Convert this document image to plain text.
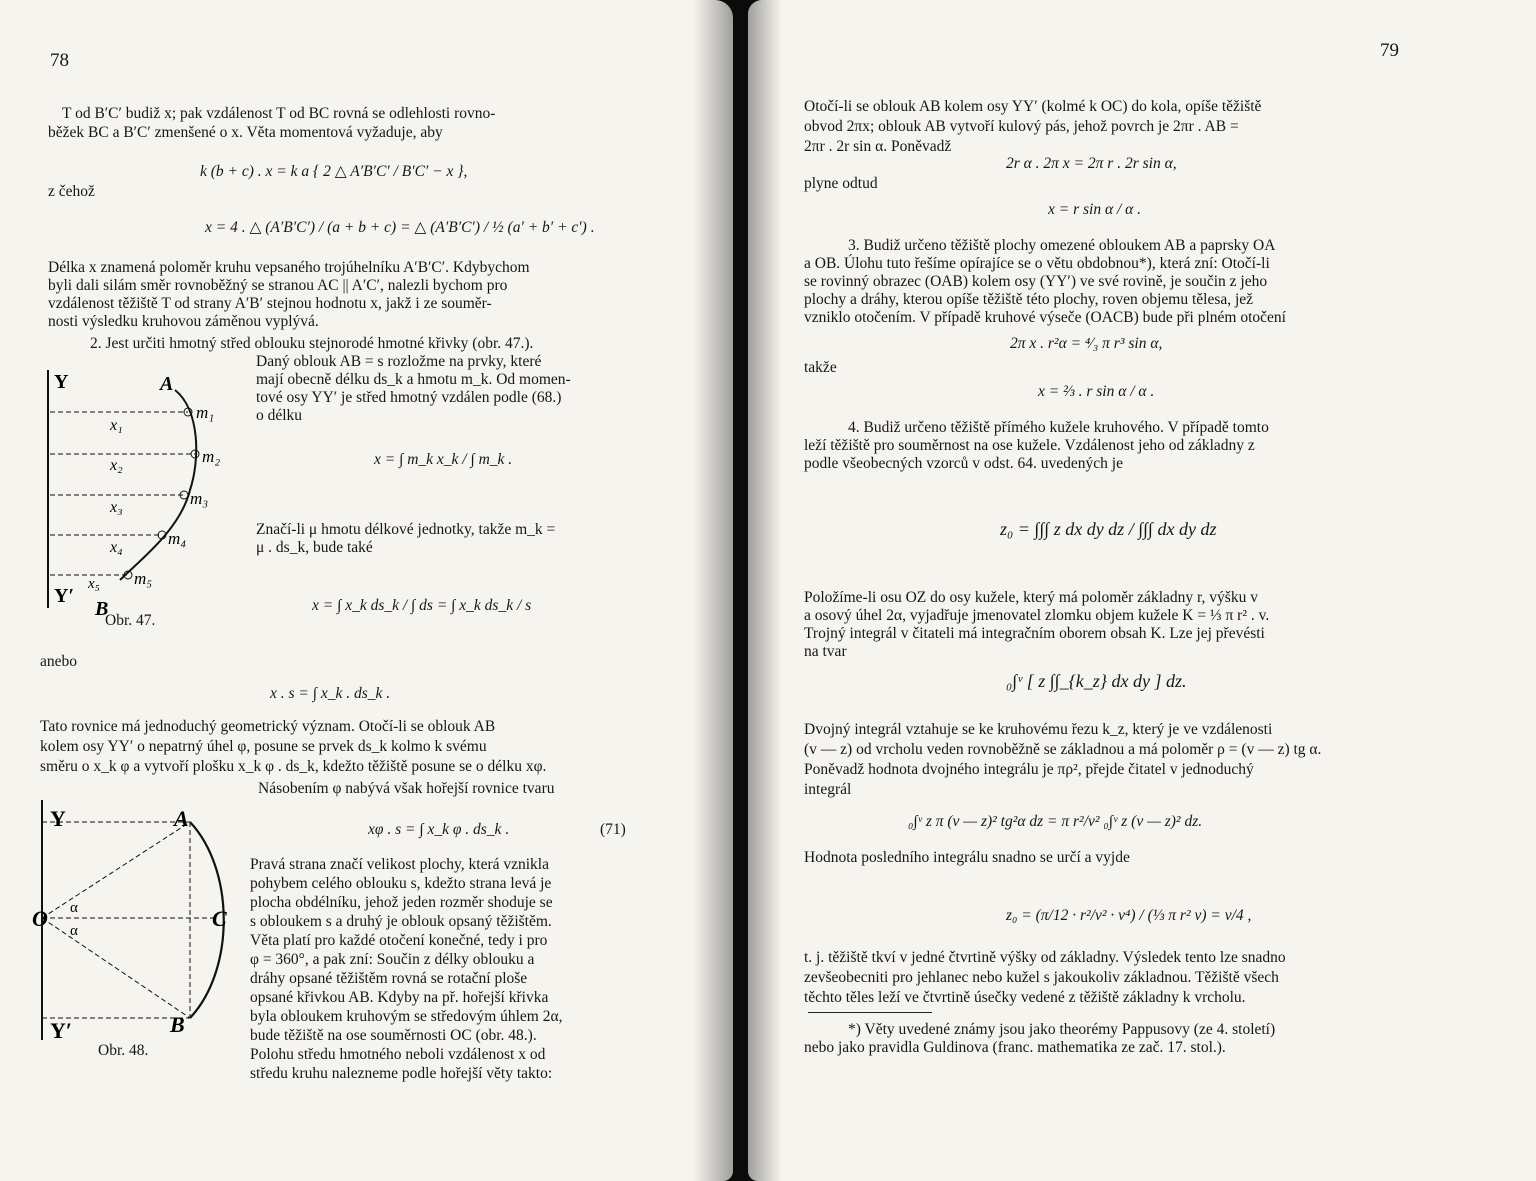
78
T od B′C′ budiž x; pak vzdálenost T od BC rovná se odlehlosti rovno-
běžek BC a B′C′ zmenšené o x. Věta momentová vyžaduje, aby
k (b + c) . x = k a { 2 △ A′B′C′ / B′C′ − x },
z čehož
x = 4 . △ (A′B′C′) / (a + b + c) = △ (A′B′C′) / ½ (a′ + b′ + c′) .
Délka x znamená poloměr kruhu vepsaného trojúhelníku A′B′C′. Kdybychom
byli dali silám směr rovnoběžný se stranou AC || A′C′, nalezli bychom pro
vzdálenost těžiště T od strany A′B′ stejnou hodnotu x, jakž i ze souměr-
nosti výsledku kruhovou záměnou vyplývá.
2. Jest určiti hmotný střed oblouku stejnorodé hmotné křivky (obr. 47.).
Daný oblouk AB = s rozložme na prvky, které
mají obecně délku ds_k a hmotu m_k. Od momen-
tové osy YY′ je střed hmotný vzdálen podle (68.)
o délku
x = ∫ m_k x_k / ∫ m_k .
Značí-li μ hmotu délkové jednotky, takže m_k =
μ . ds_k, bude také
x = ∫ x_k ds_k / ∫ ds = ∫ x_k ds_k / s
Y	A
x₁
m₁
x₂	m₂
x₃	m₃
x₄	m₄
x₅ m₅
Y′
B
Obr. 47.
anebo
x . s = ∫ x_k . ds_k .
Tato rovnice má jednoduchý geometrický význam. Otočí-li se oblouk AB
kolem osy YY′ o nepatrný úhel φ, posune se prvek ds_k kolmo k svému
směru o x_k φ a vytvoří plošku x_k φ . ds_k, kdežto těžiště posune se o délku xφ.
Násobením φ nabývá však hořejší rovnice tvaru
xφ . s = ∫ x_k φ . ds_k .	(71)
Pravá strana značí velikost plochy, která vznikla
pohybem celého oblouku s, kdežto strana levá je
plocha obdélníku, jehož jeden rozměr shoduje se
s obloukem s a druhý je oblouk opsaný těžištěm.
Věta platí pro každé otočení konečné, tedy i pro
φ = 360°, a pak zní: Součin z délky oblouku a
dráhy opsané těžištěm rovná se rotační ploše
opsané křivkou AB. Kdyby na př. hořejší křivka
byla obloukem kruhovým se středovým úhlem 2α,
bude těžiště na ose souměrnosti OC (obr. 48.).
Polohu středu hmotného neboli vzdálenost x od
středu kruhu nalezneme podle hořejší věty takto:
Y	A
O α
α	C
Y′	B
Obr. 48.
79
Otočí-li se oblouk AB kolem osy YY′ (kolmé k OC) do kola, opíše těžiště
obvod 2πx; oblouk AB vytvoří kulový pás, jehož povrch je 2πr . AB =
2πr . 2r sin α. Poněvadž
2r α . 2π x = 2π r . 2r sin α,
plyne odtud
x = r sin α / α .
3. Budiž určeno těžiště plochy omezené obloukem AB a paprsky OA
a OB. Úlohu tuto řešíme opírajíce se o větu obdobnou*), která zní: Otočí-li
se rovinný obrazec (OAB) kolem osy (YY′) ve své rovině, je součin z jeho
plochy a dráhy, kterou opíše těžiště této plochy, roven objemu tělesa, jež
vzniklo otočením. V případě kruhové výseče (OACB) bude při plném otočení
2π x . r²α = ⁴⁄₃ π r³ sin α,
takže
x = ⅔ . r sin α / α .
4. Budiž určeno těžiště přímého kužele kruhového. V případě tomto
leží těžiště pro souměrnost na ose kužele. Vzdálenost jeho od základny z
podle všeobecných vzorců v odst. 64. uvedených je
z₀ = ∫∫∫ z dx dy dz / ∫∫∫ dx dy dz
Položíme-li osu OZ do osy kužele, který má poloměr základny r, výšku v
a osový úhel 2α, vyjadřuje jmenovatel zlomku objem kužele K = ⅓ π r² . v.
Trojný integrál v čitateli má integračním oborem obsah K. Lze jej převésti
na tvar
₀∫ᵛ [ z ∫∫_{k_z} dx dy ] dz.
Dvojný integrál vztahuje se ke kruhovému řezu k_z, který je ve vzdálenosti
(v — z) od vrcholu veden rovnoběžně se základnou a má poloměr ρ = (v — z) tg α.
Poněvadž hodnota dvojného integrálu je πρ², přejde čitatel v jednoduchý
integrál
₀∫ᵛ z π (v — z)² tg²α dz = π r²/v² ₀∫ᵛ z (v — z)² dz.
Hodnota posledního integrálu snadno se určí a vyjde
z₀ = (π/12 · r²/v² · v⁴) / (⅓ π r² v) = v/4 ,
t. j. těžiště tkví v jedné čtvrtině výšky od základny. Výsledek tento lze snadno
zevšeobecniti pro jehlanec nebo kužel s jakoukoliv základnou. Těžiště všech
těchto těles leží ve čtvrtině úsečky vedené z těžiště základny k vrcholu.
*) Věty uvedené známy jsou jako theorémy Pappusovy (ze 4. století)
nebo jako pravidla Guldinova (franc. mathematika ze zač. 17. stol.).
